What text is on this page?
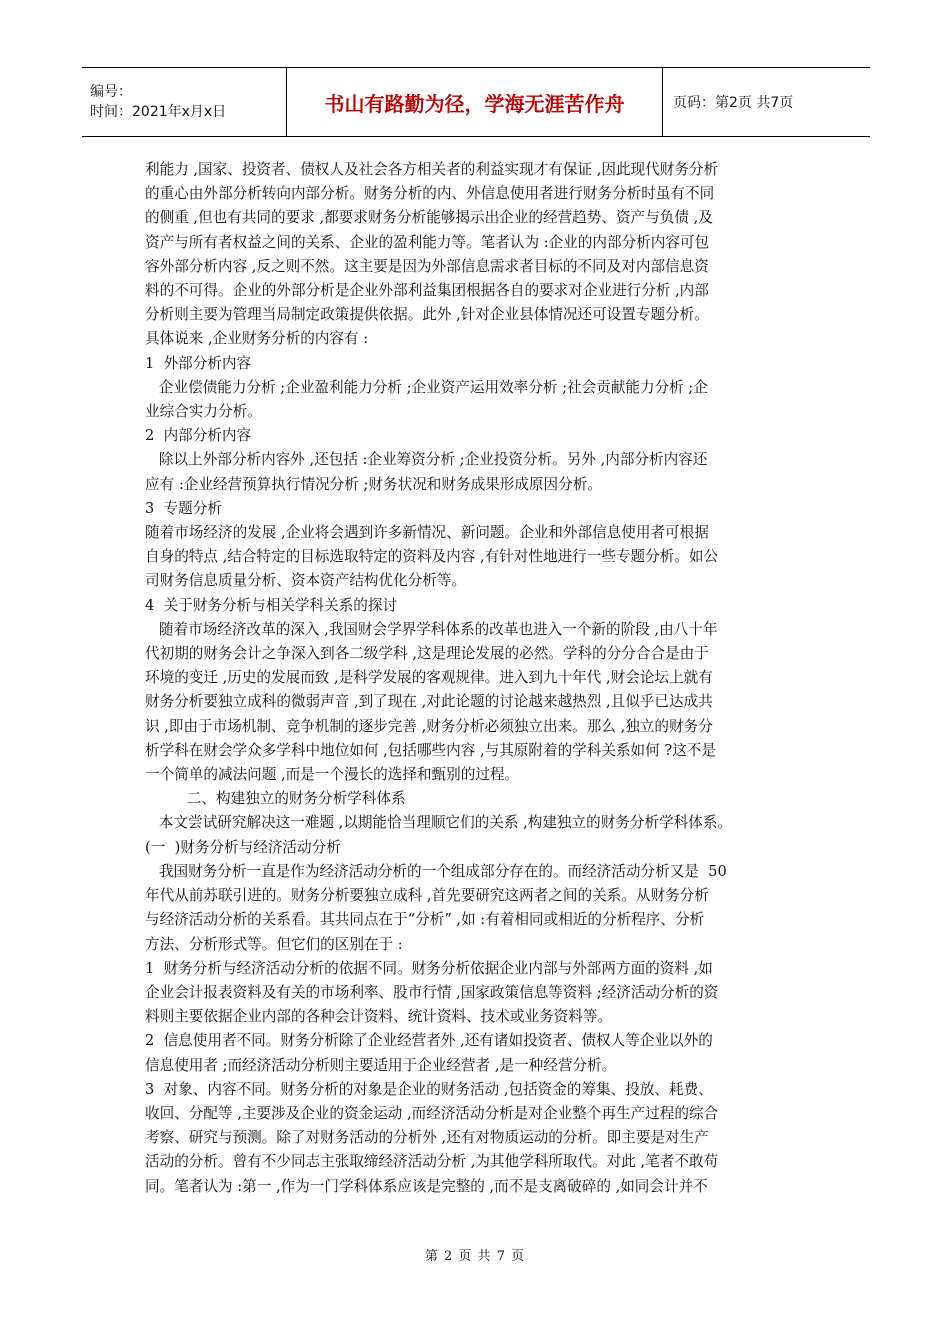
编号：
时间：2021年x月x日	书山有路勤为径，学海无涯苦作舟	页码：第2页 共7页

利能力 ,国家、投资者、债权人及社会各方相关者的利益实现才有保证 ,因此现代财务分析

的重心由外部分析转向内部分析。财务分析的内、外信息使用者进行财务分析时虽有不同

的侧重 ,但也有共同的要求 ,都要求财务分析能够揭示出企业的经营趋势、资产与负债 ,及

资产与所有者权益之间的关系、企业的盈利能力等。笔者认为 :企业的内部分析内容可包

容外部分析内容 ,反之则不然。这主要是因为外部信息需求者目标的不同及对内部信息资

料的不可得。企业的外部分析是企业外部利益集团根据各自的要求对企业进行分析 ,内部

分析则主要为管理当局制定政策提供依据。此外 ,针对企业县体情况还可设置专题分析。

具体说来 ,企业财务分析的内容有 :

1  外部分析内容

企业偿债能力分析 ;企业盈利能力分析 ;企业资产运用效率分析 ;社会贡献能力分析 ;企

业综合实力分析。

2  内部分析内容

除以上外部分析内容外 ,还包括 :企业筹资分析 ;企业投资分析。另外 ,内部分析内容还

应有 :企业经营预算执行情况分析 ;财务状况和财务成果形成原因分析。

3  专题分析

随着市场经济的发展 ,企业将会遇到许多新情况、新问题。企业和外部信息使用者可根据

自身的特点 ,结合特定的目标选取特定的资料及内容 ,有针对性地进行一些专题分析。如公

司财务信息质量分析、资本资产结构优化分析等。

4  关于财务分析与相关学科关系的探讨

随着市场经济改革的深入 ,我国财会学界学科体系的改革也进入一个新的阶段 ,由八十年

代初期的财务会计之争深入到各二级学科 ,这是理论发展的必然。学科的分分合合是由于

环境的变迁 ,历史的发展而致 ,是科学发展的客观规律。进入到九十年代 ,财会论坛上就有

财务分析要独立成科的微弱声音 ,到了现在 ,对此论题的讨论越来越热烈 ,且似乎已达成共

识 ,即由于市场机制、竞争机制的逐步完善 ,财务分析必须独立出来。那么 ,独立的财务分

析学科在财会学众多学科中地位如何 ,包括哪些内容 ,与其原附着的学科关系如何 ?这不是

一个简单的减法问题 ,而是一个漫长的选择和甄别的过程。

二、构建独立的财务分析学科体系

本文尝试研究解决这一难题 ,以期能恰当理顺它们的关系 ,构建独立的财务分析学科体系。

(一  )财务分析与经济活动分析

我国财务分析一直是作为经济活动分析的一个组成部分存在的。而经济活动分析又是  50

年代从前苏联引进的。财务分析要独立成科 ,首先要研究这两者之间的关系。从财务分析

与经济活动分析的关系看。其共同点在于“分析” ,如 :有着相同或相近的分析程序、分析

方法、分析形式等。但它们的区别在于 :

1  财务分析与经济活动分析的依据不同。财务分析依据企业内部与外部两方面的资料 ,如

企业会计报表资料及有关的市场利率、股市行情 ,国家政策信息等资料 ;经济活动分析的资

料则主要依据企业内部的各种会计资料、统计资料、技术或业务资料等。

2  信息使用者不同。财务分析除了企业经营者外 ,还有诸如投资者、债权人等企业以外的

信息使用者 ;而经济活动分析则主要适用于企业经营者 ,是一种经营分析。

3  对象、内容不同。财务分析的对象是企业的财务活动 ,包括资金的筹集、投放、耗费、

收回、分配等 ,主要涉及企业的资金运动 ,而经济活动分析是对企业整个再生产过程的综合

考察、研究与预测。除了对财务活动的分析外 ,还有对物质运动的分析。即主要是对生产

活动的分析。曾有不少同志主张取缔经济活动分析 ,为其他学科所取代。对此 ,笔者不敢苟

同。笔者认为 :第一 ,作为一门学科体系应该是完整的 ,而不是支离破碎的 ,如同会计并不

第 2 页 共 7 页
